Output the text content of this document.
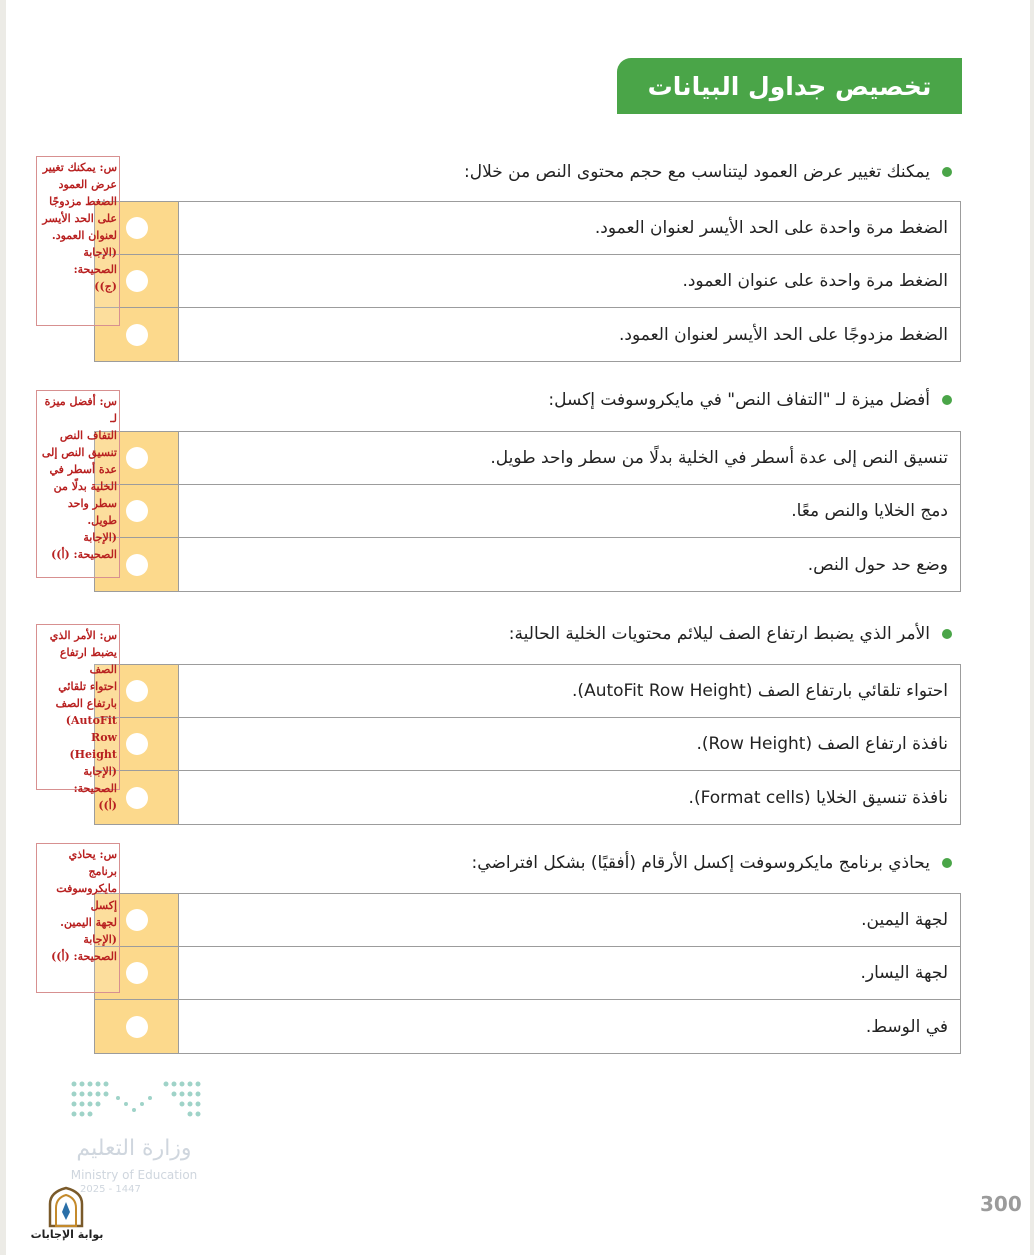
تخصيص جداول البيانات
يمكنك تغيير عرض العمود ليتناسب مع حجم محتوى النص من خلال:
الضغط مرة واحدة على الحد الأيسر لعنوان العمود.
الضغط مرة واحدة على عنوان العمود.
الضغط مزدوجًا على الحد الأيسر لعنوان العمود.
أفضل ميزة لـ "التفاف النص" في مايكروسوفت إكسل:
تنسيق النص إلى عدة أسطر في الخلية بدلًا من سطر واحد طويل.
دمج الخلايا والنص معًا.
وضع حد حول النص.
الأمر الذي يضبط ارتفاع الصف ليلائم محتويات الخلية الحالية:
احتواء تلقائي بارتفاع الصف (AutoFit Row Height).
نافذة ارتفاع الصف (Row Height).
نافذة تنسيق الخلايا (Format cells).
يحاذي برنامج مايكروسوفت إكسل الأرقام (أفقيًا) بشكل افتراضي:
لجهة اليمين.
لجهة اليسار.
في الوسط.
س: يمكنك تغيير
عرض العمود
الضغط مزدوجًا
على الحد الأيسر
لعنوان العمود.
(الإجابة
الصحيحة:
(ج))
س: أفضل ميزة لـ
التفاف النص
تنسيق النص إلى
عدة أسطر في
الخلية بدلًا من
سطر واحد
طويل.
(الإجابة
الصحيحة: (أ))
س: الأمر الذي
يضبط ارتفاع الصف
احتواء تلقائي
بارتفاع الصف
AutoFit)
Row
Height)
(الإجابة الصحيحة:
(أ))
س: يحاذي
برنامج
مايكروسوفت
إكسل
لجهة اليمين.
(الإجابة
الصحيحة: (أ))
وزارة التعليم
Ministry of Education
2025 - 1447
بوابة الإجابات
300
